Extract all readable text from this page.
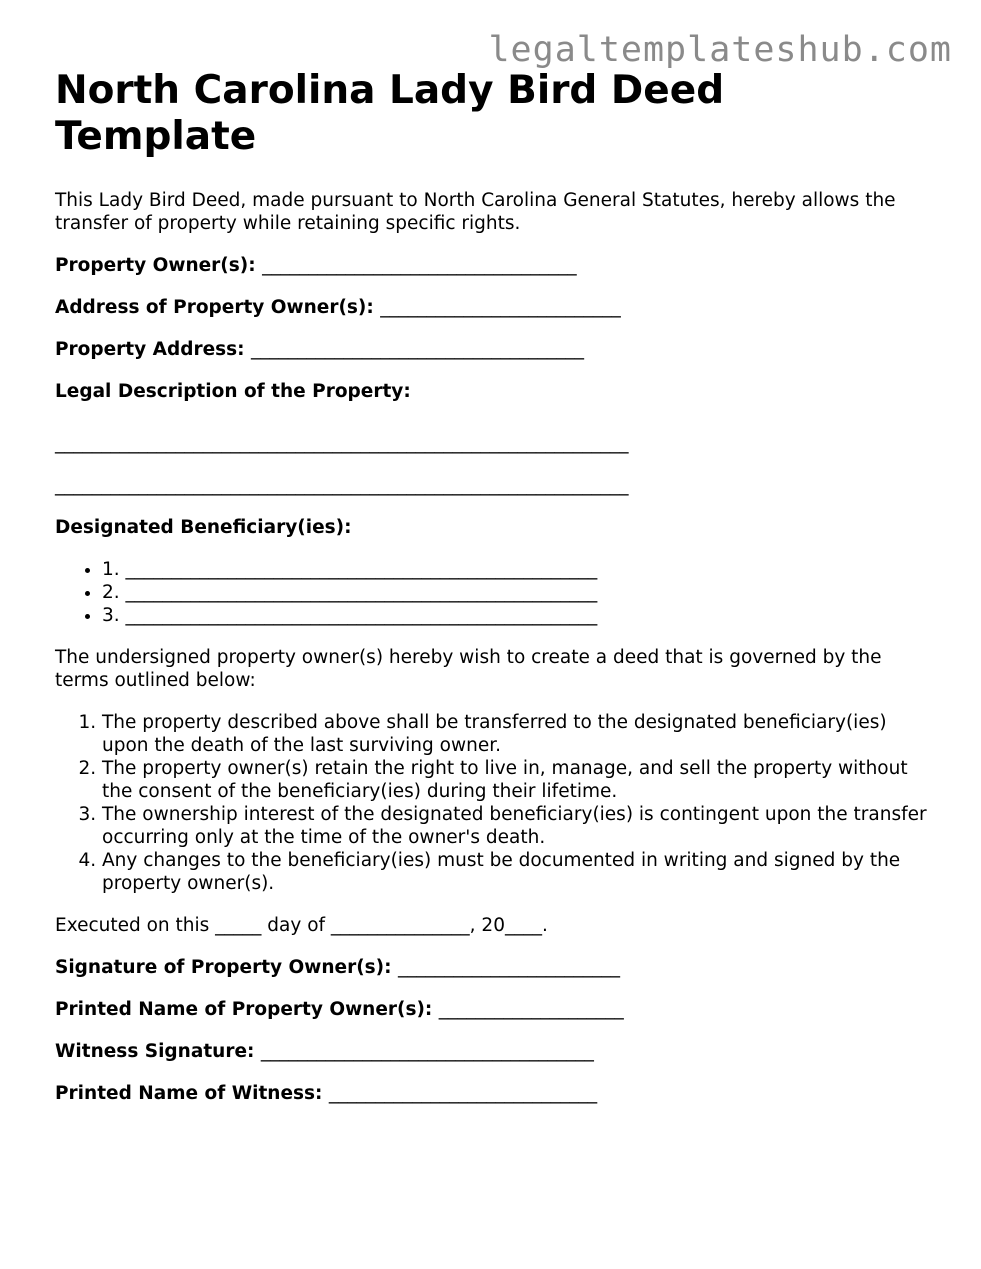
legaltemplateshub.com
North Carolina Lady Bird Deed Template

This Lady Bird Deed, made pursuant to North Carolina General Statutes, hereby allows the transfer of property while retaining specific rights.

Property Owner(s): __________________________________
Address of Property Owner(s): __________________________
Property Address: ____________________________________
Legal Description of the Property:
______________________________________________________________
______________________________________________________________
Designated Beneficiary(ies):
• 1. ___________________________________________________
• 2. ___________________________________________________
• 3. ___________________________________________________

The undersigned property owner(s) hereby wish to create a deed that is governed by the terms outlined below:

1. The property described above shall be transferred to the designated beneficiary(ies) upon the death of the last surviving owner.
2. The property owner(s) retain the right to live in, manage, and sell the property without the consent of the beneficiary(ies) during their lifetime.
3. The ownership interest of the designated beneficiary(ies) is contingent upon the transfer occurring only at the time of the owner's death.
4. Any changes to the beneficiary(ies) must be documented in writing and signed by the property owner(s).

Executed on this _____ day of _______________, 20____.

Signature of Property Owner(s): ________________________
Printed Name of Property Owner(s): ____________________
Witness Signature: ____________________________________
Printed Name of Witness: _____________________________
